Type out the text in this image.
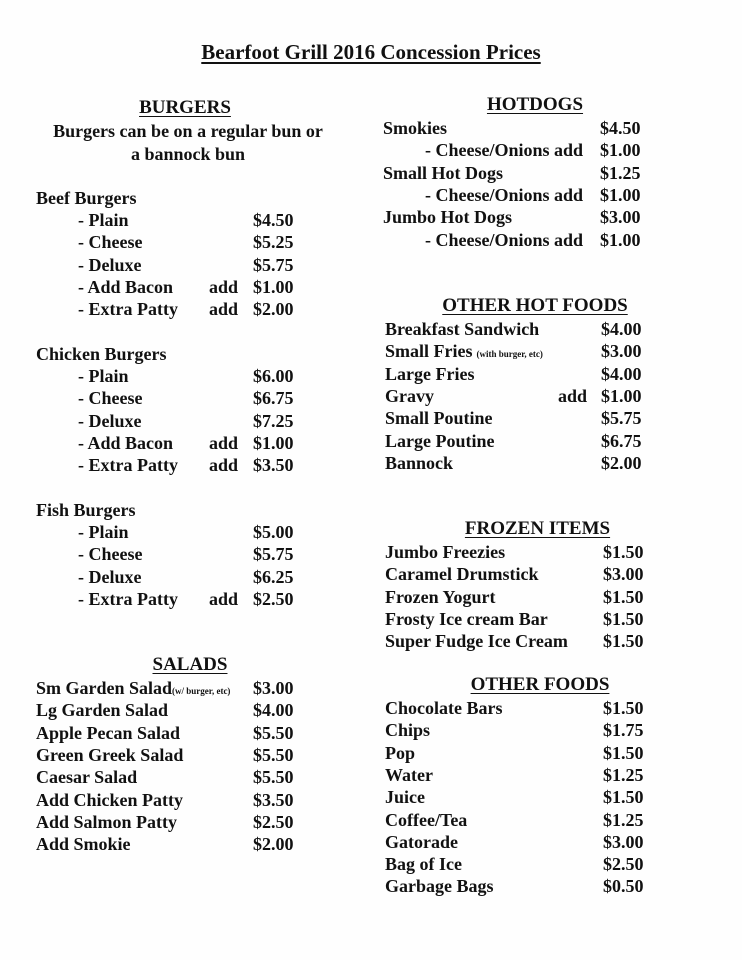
Bearfoot Grill 2016 Concession Prices
BURGERS
Burgers can be on a regular bun or
a bannock bun
Beef Burgers
- Plain	$4.50
- Cheese	$5.25
- Deluxe	$5.75
- Add Bacon add $1.00
- Extra Patty add $2.00
Chicken Burgers
- Plain	$6.00
- Cheese	$6.75
- Deluxe	$7.25
- Add Bacon add $1.00
- Extra Patty add $3.50
Fish Burgers
- Plain	$5.00
- Cheese	$5.75
- Deluxe	$6.25
- Extra Patty add $2.50
SALADS
Sm Garden Salad(w/ burger, etc) $3.00
Lg Garden Salad	$4.00
Apple Pecan Salad	$5.50
Green Greek Salad	$5.50
Caesar Salad	$5.50
Add Chicken Patty	$3.50
Add Salmon Patty	$2.50
Add Smokie	$2.00
HOTDOGS
Smokies	$4.50
- Cheese/Onions add $1.00
Small Hot Dogs	$1.25
- Cheese/Onions add $1.00
Jumbo Hot Dogs	$3.00
- Cheese/Onions add $1.00
OTHER HOT FOODS
Breakfast Sandwich	$4.00
Small Fries (with burger, etc)	$3.00
Large Fries	$4.00
Gravy	add $1.00
Small Poutine	$5.75
Large Poutine	$6.75
Bannock	$2.00
FROZEN ITEMS
Jumbo Freezies	$1.50
Caramel Drumstick	$3.00
Frozen Yogurt	$1.50
Frosty Ice cream Bar	$1.50
Super Fudge Ice Cream $1.50
OTHER FOODS
Chocolate Bars	$1.50
Chips	$1.75
Pop	$1.50
Water	$1.25
Juice	$1.50
Coffee/Tea	$1.25
Gatorade	$3.00
Bag of Ice	$2.50
Garbage Bags	$0.50
